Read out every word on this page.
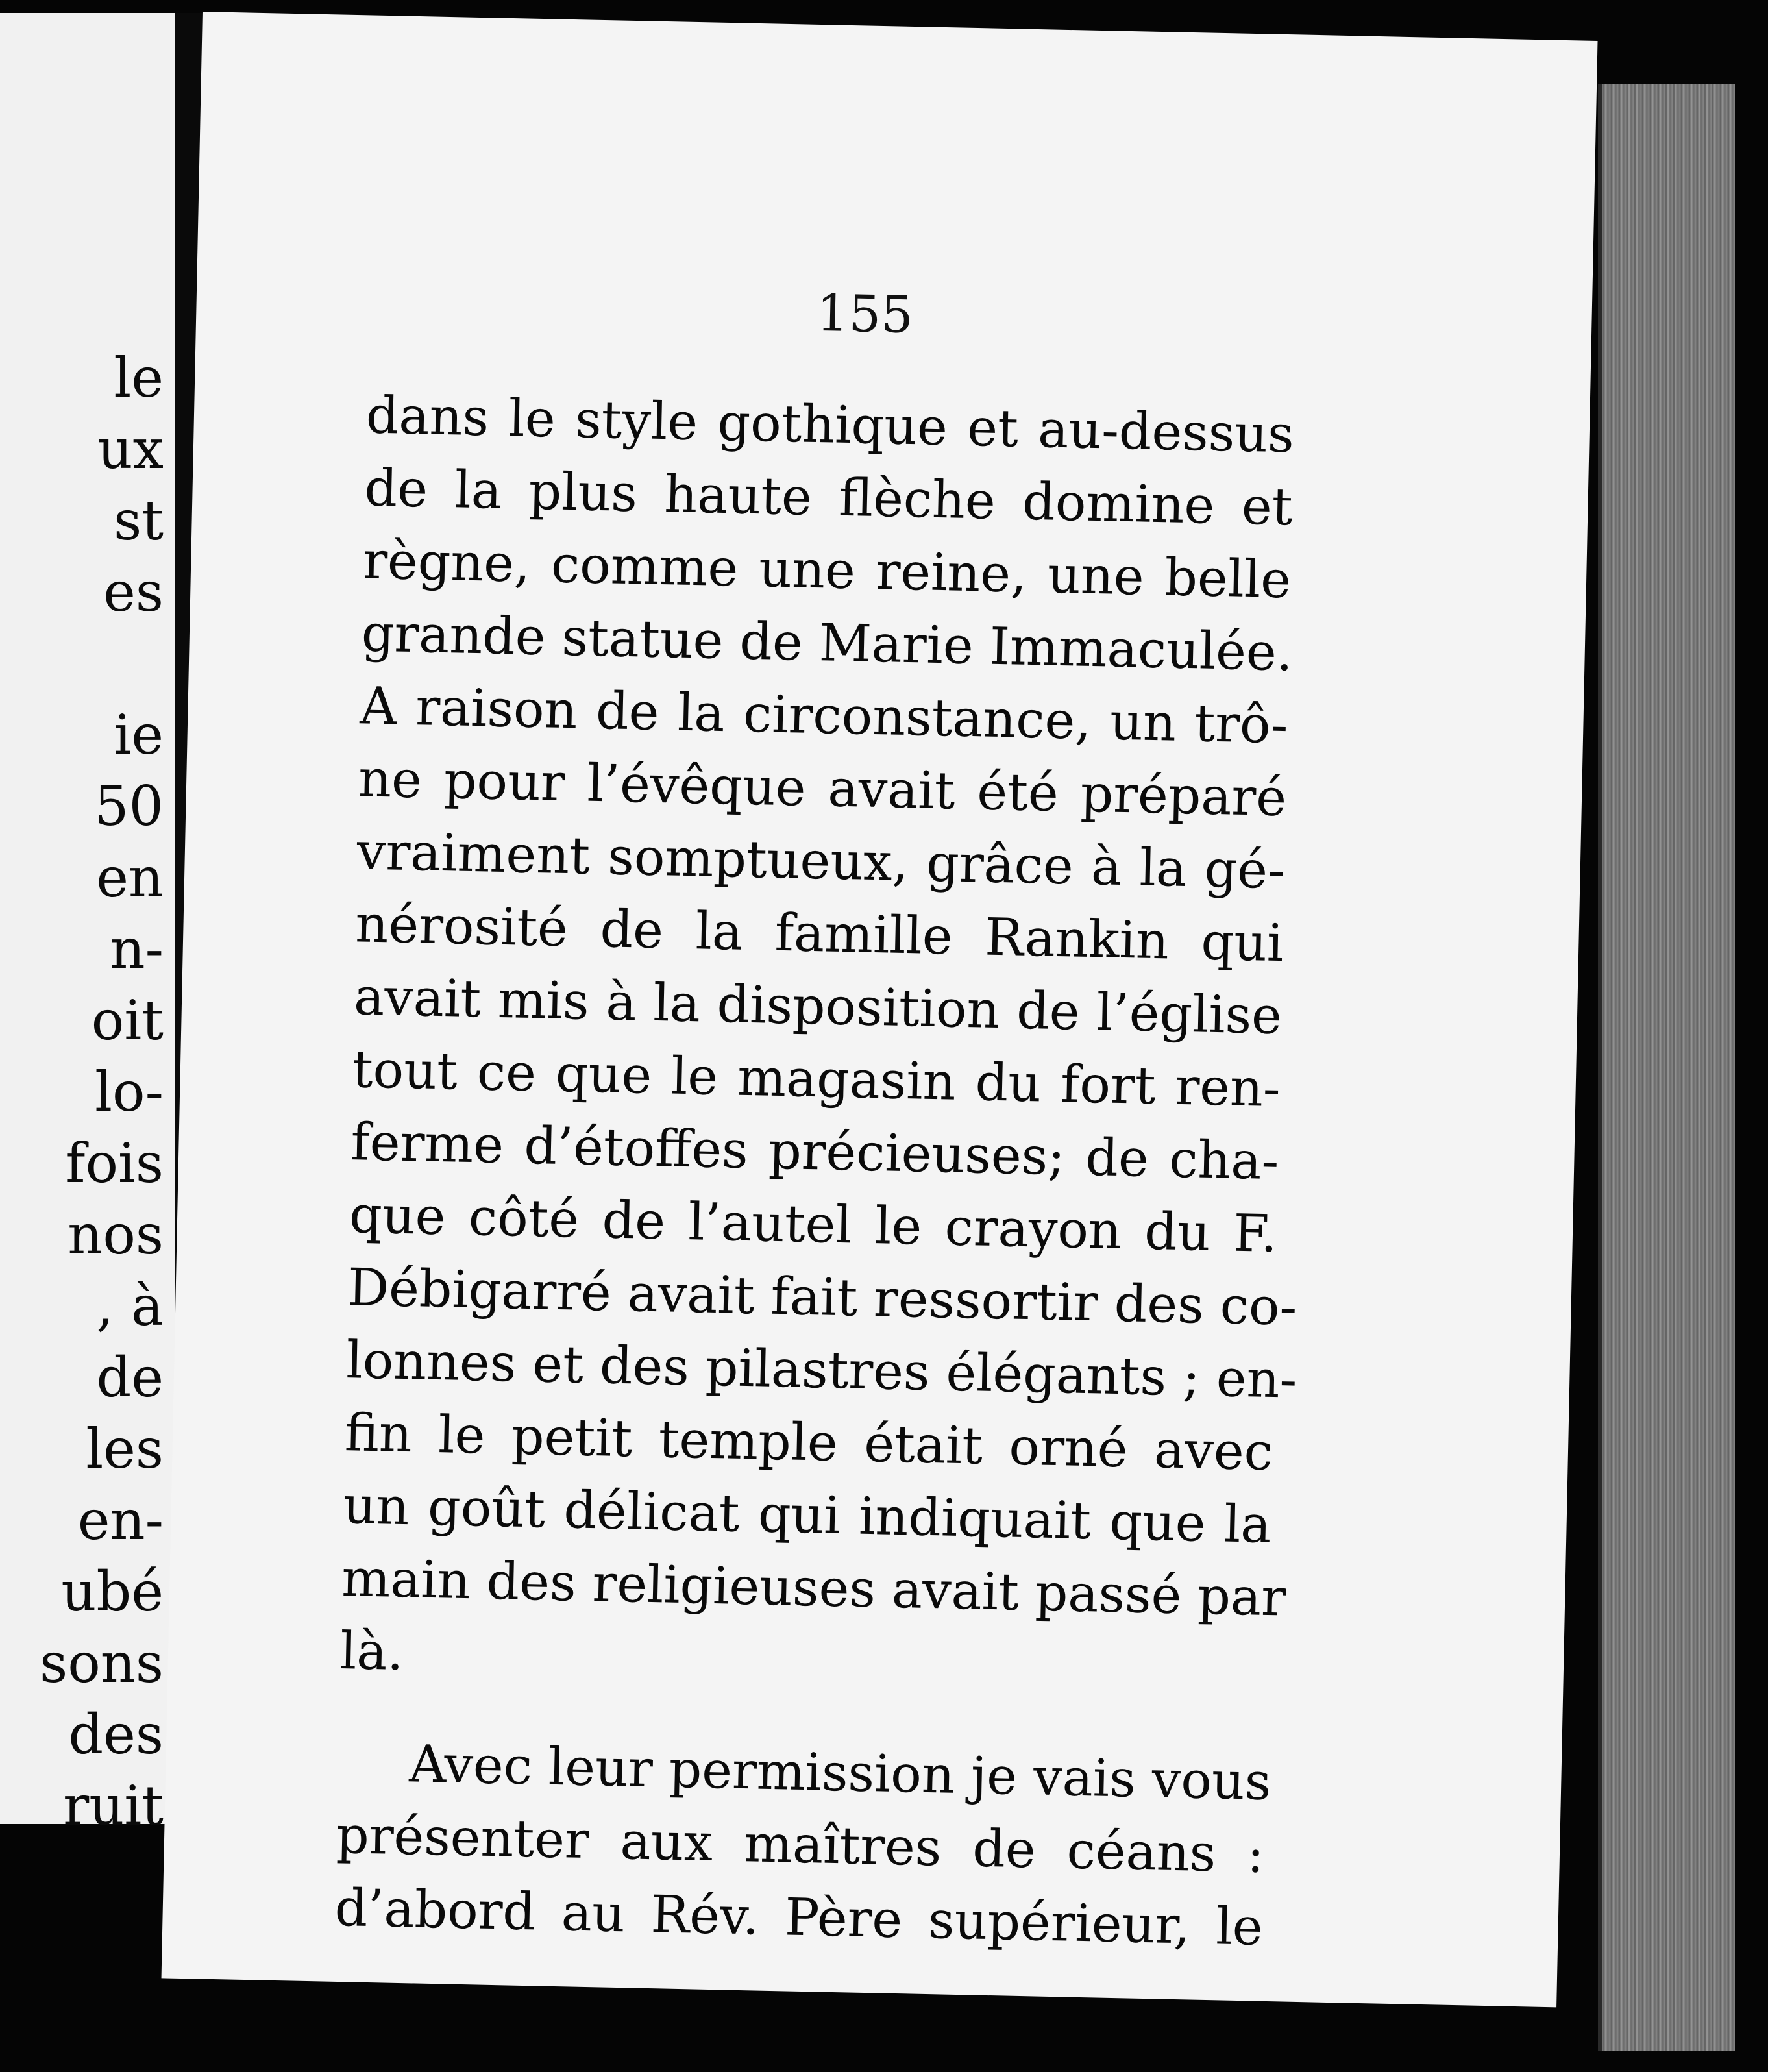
le

ux

st

es

ie

50

en

n-

oit

lo-

fois

nos

, à

de

les

en-

ubé

sons

des

ruit

155

dans le style gothique et au-dessus
de la plus haute flèche domine et
règne, comme une reine, une belle
grande statue de Marie Immaculée.
A raison de la circonstance, un trô-
ne pour l’évêque avait été préparé
vraiment somptueux, grâce à la gé-
nérosité de la famille Rankin qui
avait mis à la disposition de l’église
tout ce que le magasin du fort ren-
ferme d’étoffes précieuses; de cha-
que côté de l’autel le crayon du F.
Débigarré avait fait ressortir des co-
lonnes et des pilastres élégants ; en-
fin le petit temple était orné avec
un goût délicat qui indiquait que la
main des religieuses avait passé par
là.
Avec leur permission je vais vous
présenter aux maîtres de céans :
d’abord au Rév. Père supérieur, le
